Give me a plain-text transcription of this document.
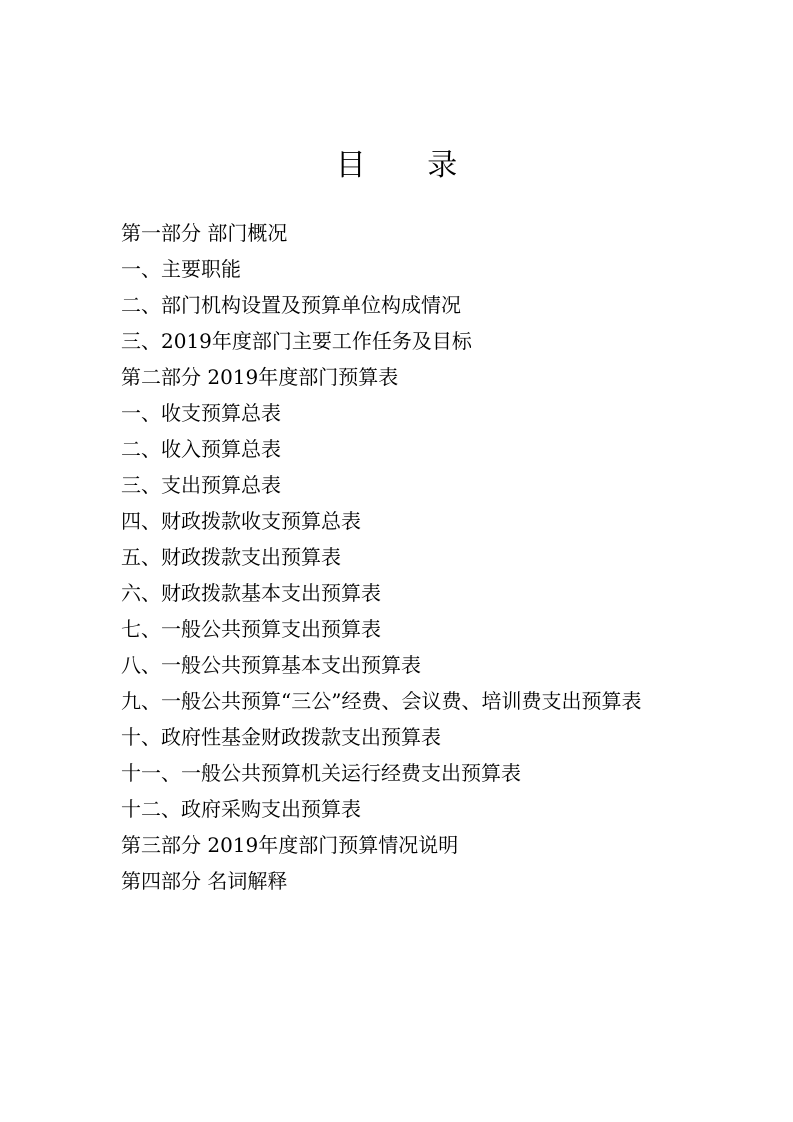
目 录
第一部分 部门概况
一、主要职能
二、部门机构设置及预算单位构成情况
三、2019年度部门主要工作任务及目标
第二部分 2019年度部门预算表
一、收支预算总表
二、收入预算总表
三、支出预算总表
四、财政拨款收支预算总表
五、财政拨款支出预算表
六、财政拨款基本支出预算表
七、一般公共预算支出预算表
八、一般公共预算基本支出预算表
九、一般公共预算“三公”经费、会议费、培训费支出预算表
十、政府性基金财政拨款支出预算表
十一、一般公共预算机关运行经费支出预算表
十二、政府采购支出预算表
第三部分 2019年度部门预算情况说明
第四部分 名词解释
